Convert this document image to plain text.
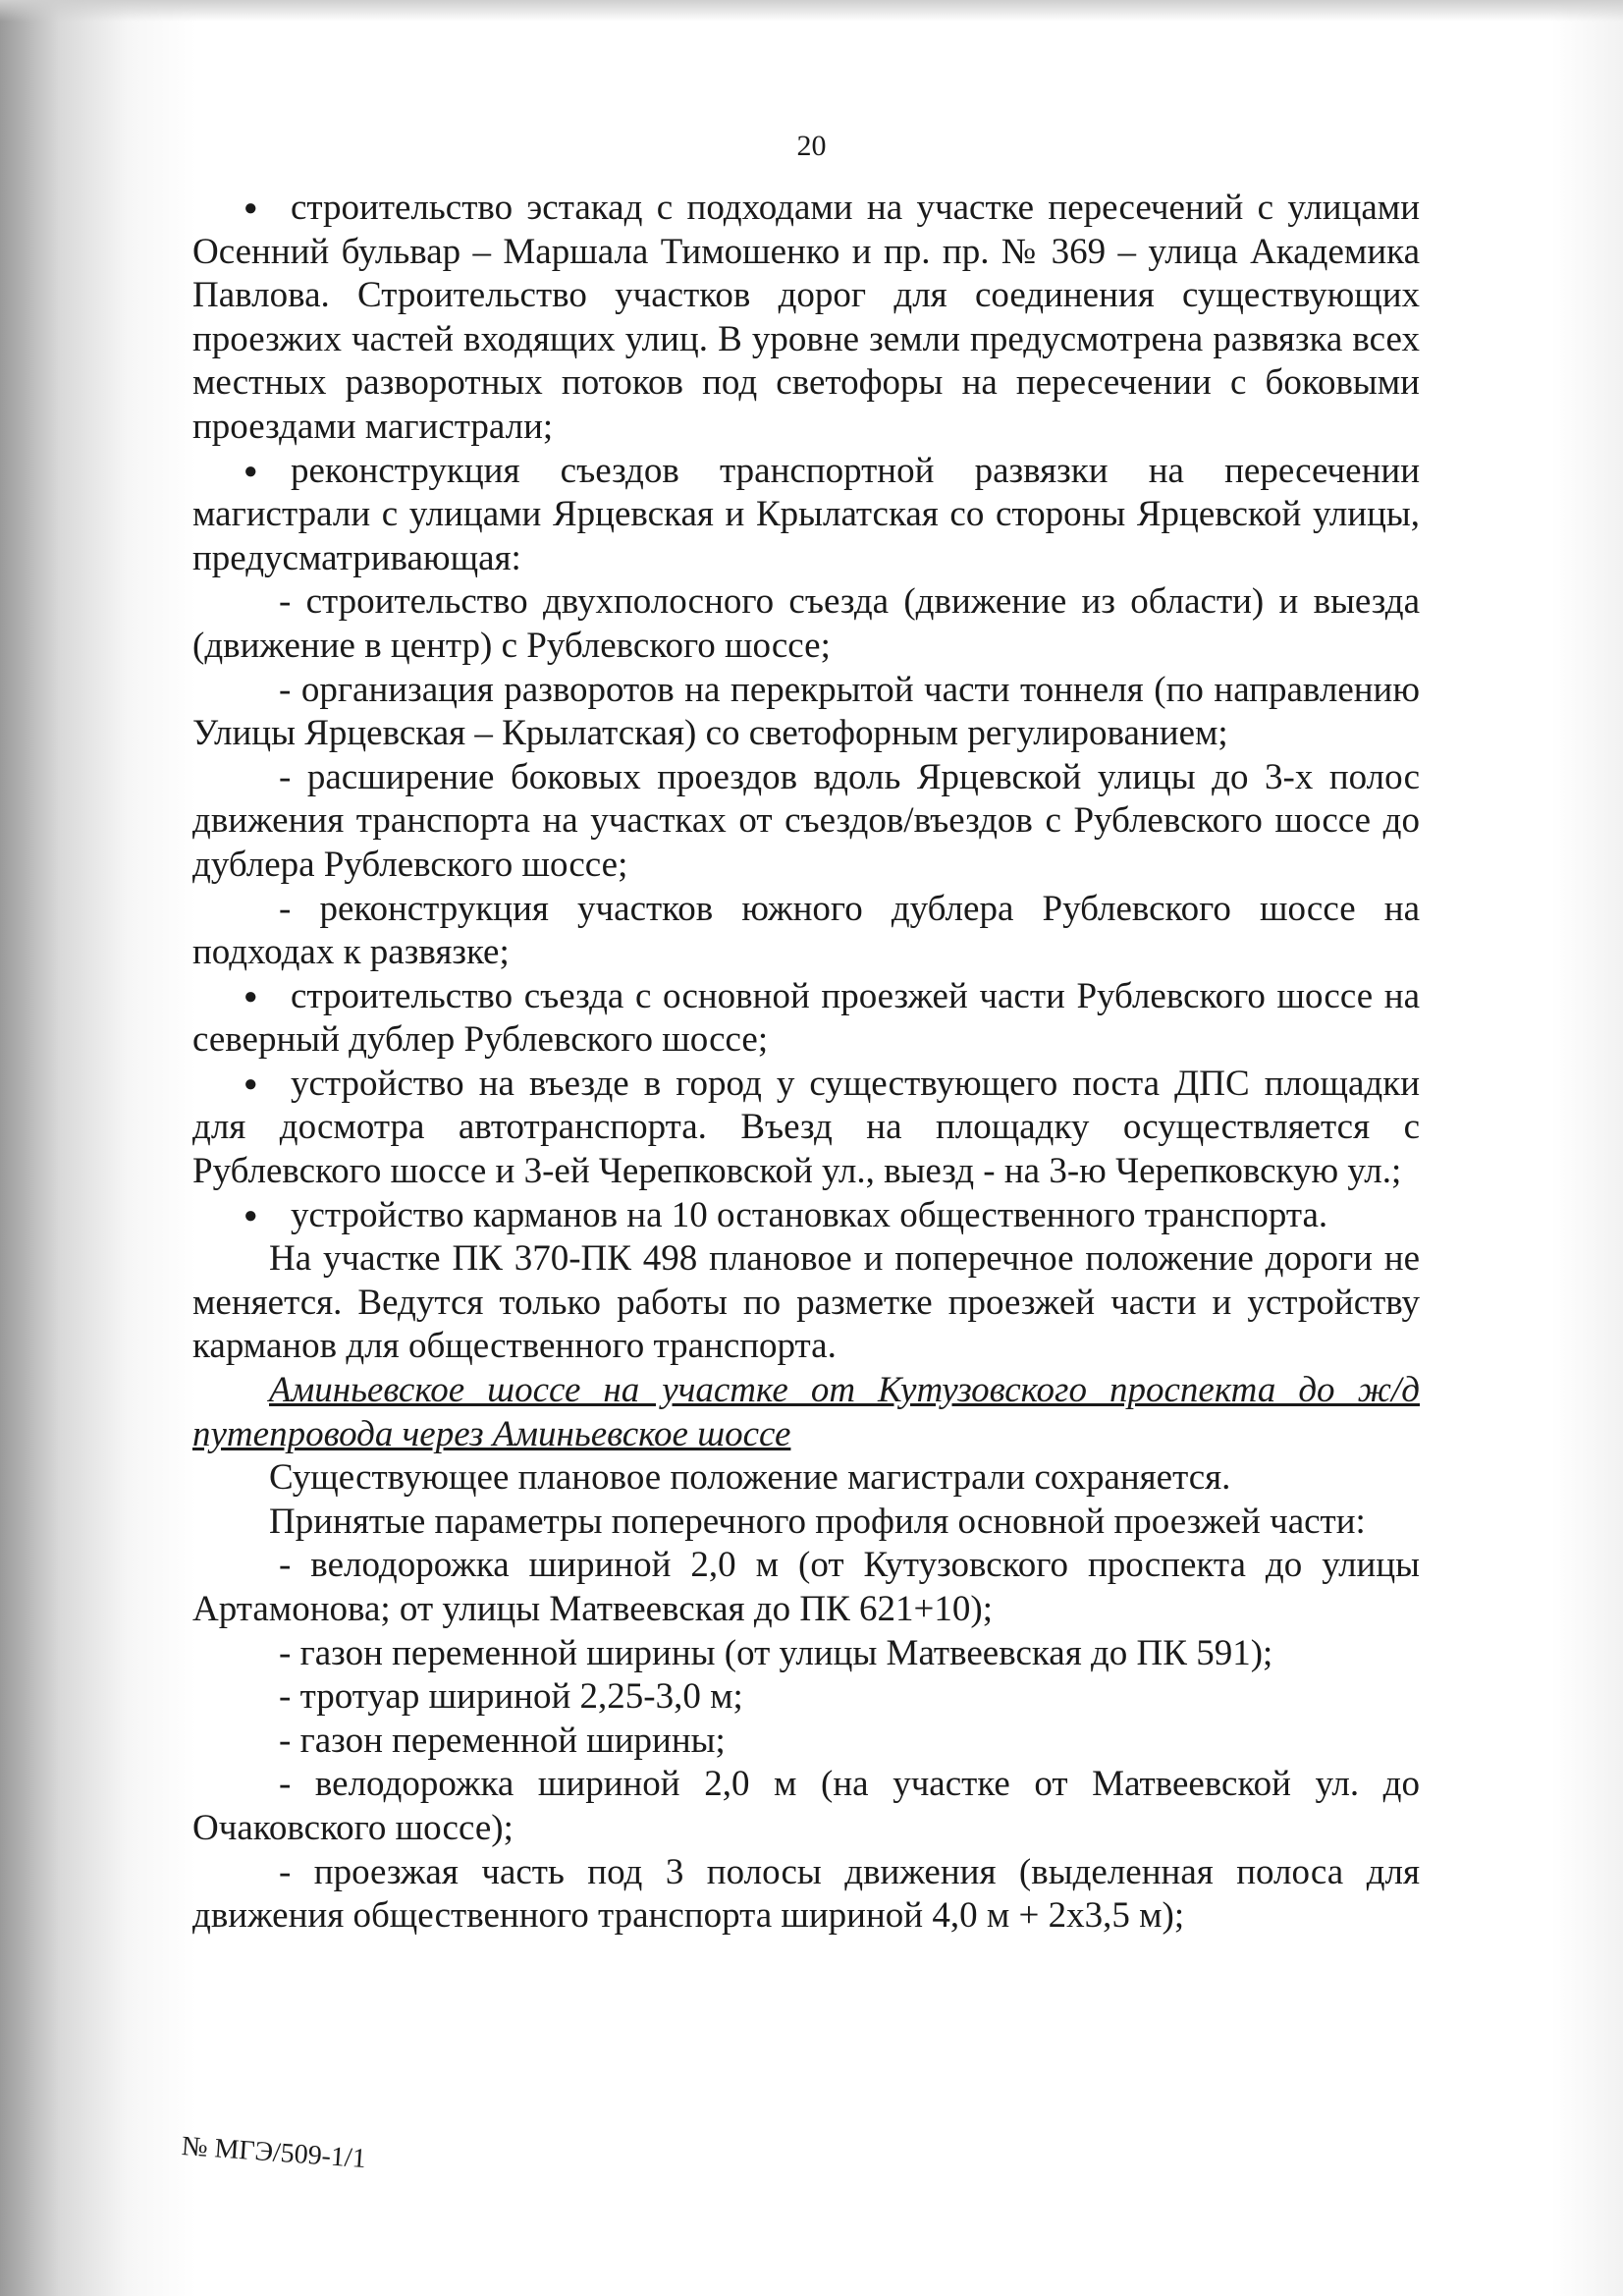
20

● строительство эстакад с подходами на участке пересечений с улицами Осенний бульвар – Маршала Тимошенко и пр. пр. № 369 – улица Академика Павлова. Строительство участков дорог для соединения существующих проезжих частей входящих улиц. В уровне земли предусмотрена развязка всех местных разворотных потоков под светофоры на пересечении с боковыми проездами магистрали;

● реконструкция съездов транспортной развязки на пересечении магистрали с улицами Ярцевская и Крылатская со стороны Ярцевской улицы, предусматривающая:

- строительство двухполосного съезда (движение из области) и выезда (движение в центр) с Рублевского шоссе;

- организация разворотов на перекрытой части тоннеля (по направлению Улицы Ярцевская – Крылатская) со светофорным регулированием;

- расширение боковых проездов вдоль Ярцевской улицы до 3-х полос движения транспорта на участках от съездов/въездов с Рублевского шоссе до дублера Рублевского шоссе;

- реконструкция участков южного дублера Рублевского шоссе на подходах к развязке;

● строительство съезда с основной проезжей части Рублевского шоссе на северный дублер Рублевского шоссе;

● устройство на въезде в город у существующего поста ДПС площадки для досмотра автотранспорта. Въезд на площадку осуществляется с Рублевского шоссе и 3-ей Черепковской ул., выезд - на 3-ю Черепковскую ул.;

● устройство карманов на 10 остановках общественного транспорта.

На участке ПК 370-ПК 498 плановое и поперечное положение дороги не меняется. Ведутся только работы по разметке проезжей части и устройству карманов для общественного транспорта.

Аминьевское шоссе на участке от Кутузовского проспекта до ж/д путепровода через Аминьевское шоссе

Существующее плановое положение магистрали сохраняется.

Принятые параметры поперечного профиля основной проезжей части:

- велодорожка шириной 2,0 м (от Кутузовского проспекта до улицы Артамонова; от улицы Матвеевская до ПК 621+10);

- газон переменной ширины (от улицы Матвеевская до ПК 591);

- тротуар шириной 2,25-3,0 м;

- газон переменной ширины;

- велодорожка шириной 2,0 м (на участке от Матвеевской ул. до Очаковского шоссе);

- проезжая часть под 3 полосы движения (выделенная полоса для движения общественного транспорта шириной 4,0 м + 2х3,5 м);

№ МГЭ/509-1/1
